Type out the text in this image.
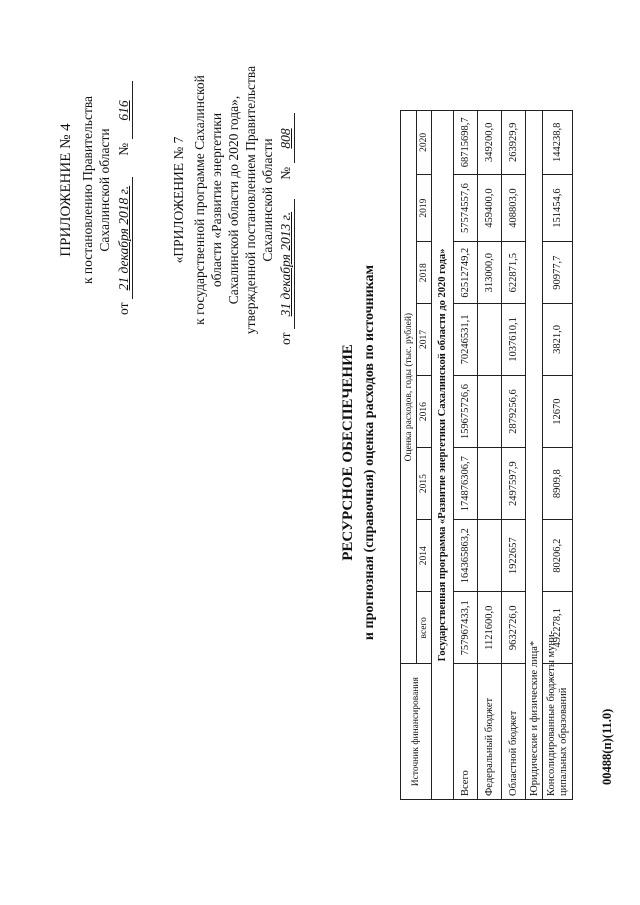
ПРИЛОЖЕНИЕ № 4 к постановлению Правительства Сахалинской области
от 21 декабря 2018 г. № 616
«ПРИЛОЖЕНИЕ № 7 к государственной программе Сахалинской области «Развитие энергетики Сахалинской области до 2020 года», утвержденной постановлением Правительства Сахалинской области
от 31 декабря 2013 г. № 808
РЕСУРСНОЕ ОБЕСПЕЧЕНИЕ и прогнозная (справочная) оценка расходов по источникам
Источник финансирования	Оценка расходов, годы (тыс. рублей)							
	всего	2014	2015	2016	2017	2018	2019	2020
Государственная программа «Развитие энергетики Сахалинской области до 2020 года»								
Всего	757967433,1	164365863,2	174876306,7	159675726,6	70246531,1	62512749,2	57574557,6	68715698,7
Федеральный бюджет	1121600,0					313000,0	459400,0	349200,0
Областной бюджет	9632726,0	1922657	2497597,9	2879256,6	1037610,1	622871,5	408803,0	263929,9
Юридические и физические лица*								
Консолидированные бюджеты муни-
ципальных образований	492278,1	80206,2	8909,8	12670	3821,0	90977,7	151454,6	144238,8
00488(п)(11.0)
